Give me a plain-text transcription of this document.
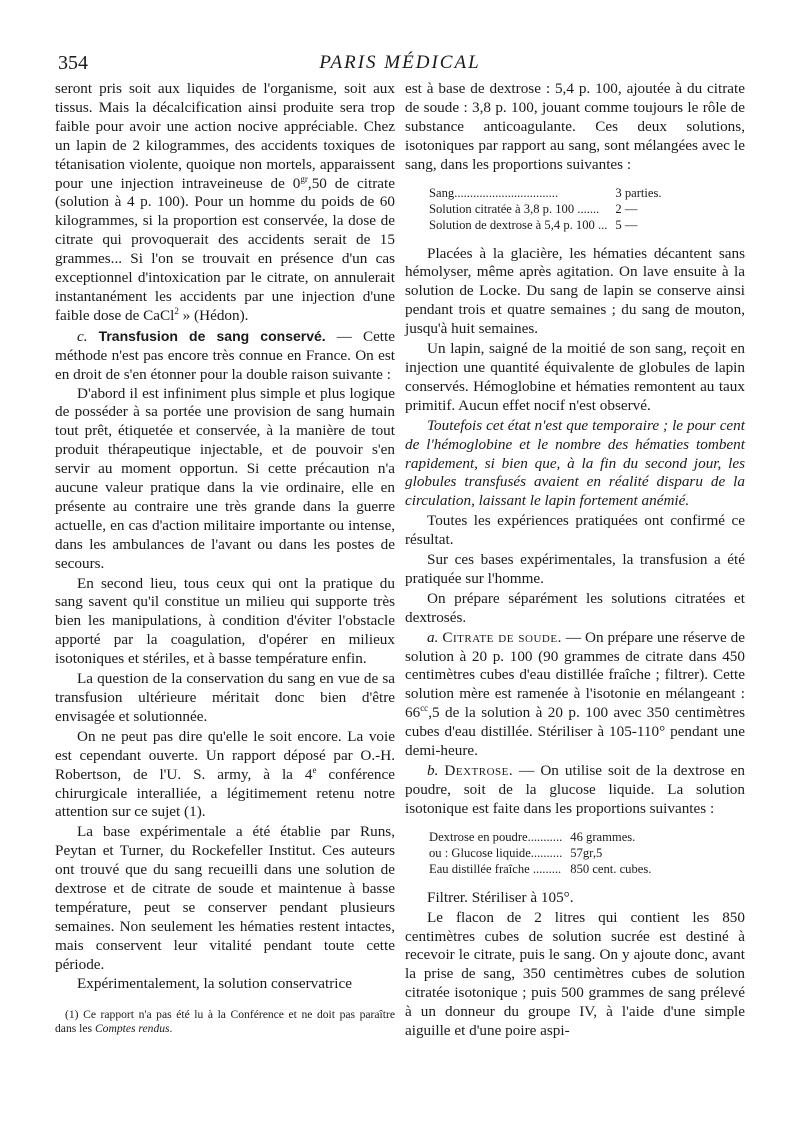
354	PARIS MÉDICAL

seront pris soit aux liquides de l'organisme, soit aux tissus. Mais la décalcification ainsi produite sera trop faible pour avoir une action nocive appréciable. Chez un lapin de 2 kilogrammes, des accidents toxiques de tétanisation violente, quoique non mortels, apparaissent pour une injection intraveineuse de $0^{gr},50$ de citrate (solution à 4 p. 100). Pour un homme du poids de 60 kilogrammes, si la proportion est conservée, la dose de citrate qui provoquerait des accidents serait de 15 grammes... Si l'on se trouvait en présence d'un cas exceptionnel d'intoxication par le citrate, on annulerait instantanément les accidents par une injection d'une faible dose de CaCl$^2$ » (Hédon).

c. Transfusion de sang conservé. — Cette méthode n'est pas encore très connue en France. On est en droit de s'en étonner pour la double raison suivante :

D'abord il est infiniment plus simple et plus logique de posséder à sa portée une provision de sang humain tout prêt, étiquetée et conservée, à la manière de tout produit thérapeutique injectable, et de pouvoir s'en servir au moment opportun. Si cette précaution n'a aucune valeur pratique dans la vie ordinaire, elle en présente au contraire une très grande dans la guerre actuelle, en cas d'action militaire importante ou intense, dans les ambulances de l'avant ou dans les postes de secours.

En second lieu, tous ceux qui ont la pratique du sang savent qu'il constitue un milieu qui supporte très bien les manipulations, à condition d'éviter l'obstacle apporté par la coagulation, d'opérer en milieux isotoniques et stériles, et à basse température enfin.

La question de la conservation du sang en vue de sa transfusion ultérieure méritait donc bien d'être envisagée et solutionnée.

On ne peut pas dire qu'elle le soit encore. La voie est cependant ouverte. Un rapport déposé par O.-H. Robertson, de l'U. S. army, à la 4e conférence chirurgicale interalliée, a légitimement retenu notre attention sur ce sujet (1).

La base expérimentale a été établie par Runs, Peytan et Turner, du Rockefeller Institut. Ces auteurs ont trouvé que du sang recueilli dans une solution de dextrose et de citrate de soude et maintenue à basse température, peut se conserver pendant plusieurs semaines. Non seulement les hématies restent intactes, mais conservent leur vitalité pendant toute cette période.

Expérimentalement, la solution conservatrice

(1) Ce rapport n'a pas été lu à la Conférence et ne doit pas paraître dans les Comptes rendus.

est à base de dextrose : 5,4 p. 100, ajoutée à du citrate de soude : 3,8 p. 100, jouant comme toujours le rôle de substance anticoagulante. Ces deux solutions, isotoniques par rapport au sang, sont mélangées avec le sang, dans les proportions suivantes :

Sang.................................	3 parties.
Solution citratée à 3,8 p. 100 .......	2 —
Solution de dextrose à 5,4 p. 100 ...	5 —

Placées à la glacière, les hématies décantent sans hémolyser, même après agitation. On lave ensuite à la solution de Locke. Du sang de lapin se conserve ainsi pendant trois et quatre semaines ; du sang de mouton, jusqu'à huit semaines.

Un lapin, saigné de la moitié de son sang, reçoit en injection une quantité équivalente de globules de lapin conservés. Hémoglobine et hématies remontent au taux primitif. Aucun effet nocif n'est observé.

Toutefois cet état n'est que temporaire ; le pour cent de l'hémoglobine et le nombre des hématies tombent rapidement, si bien que, à la fin du second jour, les globules transfusés avaient en réalité disparu de la circulation, laissant le lapin fortement anémié.

Toutes les expériences pratiquées ont confirmé ce résultat.

Sur ces bases expérimentales, la transfusion a été pratiquée sur l'homme.

On prépare séparément les solutions citratées et dextrosés.

a. Citrate de soude. — On prépare une réserve de solution à 20 p. 100 (90 grammes de citrate dans 450 centimètres cubes d'eau distillée fraîche ; filtrer). Cette solution mère est ramenée à l'isotonie en mélangeant : $66^{cc},5$ de la solution à 20 p. 100 avec 350 centimètres cubes d'eau distillée. Stériliser à 105-110° pendant une demi-heure.

b. Dextrose. — On utilise soit de la dextrose en poudre, soit de la glucose liquide. La solution isotonique est faite dans les proportions suivantes :

Dextrose en poudre...........	46 grammes.
ou : Glucose liquide..........	57gr,5
Eau distillée fraîche .........	850 cent. cubes.

Filtrer. Stériliser à 105°.

Le flacon de 2 litres qui contient les 850 centimètres cubes de solution sucrée est destiné à recevoir le citrate, puis le sang. On y ajoute donc, avant la prise de sang, 350 centimètres cubes de solution citratée isotonique ; puis 500 grammes de sang prélevé à un donneur du groupe IV, à l'aide d'une simple aiguille et d'une poire aspi-
